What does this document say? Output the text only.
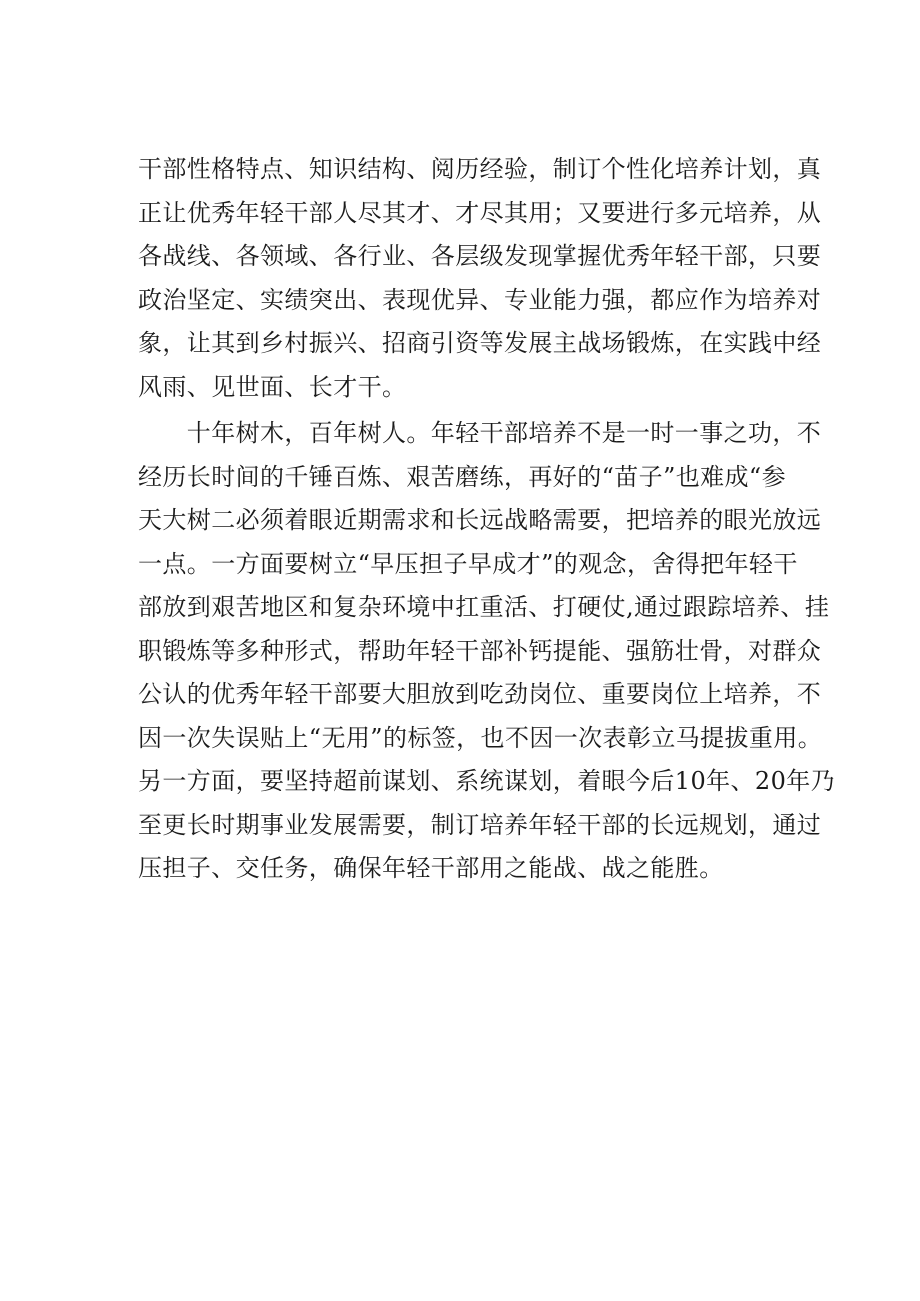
干部性格特点、知识结构、阅历经验，制订个性化培养计划，真
正让优秀年轻干部人尽其才、才尽其用；又要进行多元培养，从
各战线、各领域、各行业、各层级发现掌握优秀年轻干部，只要
政治坚定、实绩突出、表现优异、专业能力强，都应作为培养对
象，让其到乡村振兴、招商引资等发展主战场锻炼，在实践中经
风雨、见世面、长才干。
　　十年树木，百年树人。年轻干部培养不是一时一事之功，不
经历长时间的千锤百炼、艰苦磨练，再好的“苗子”也难成“参
天大树二必须着眼近期需求和长远战略需要，把培养的眼光放远
一点。一方面要树立“早压担子早成才”的观念，舍得把年轻干
部放到艰苦地区和复杂环境中扛重活、打硬仗,通过跟踪培养、挂
职锻炼等多种形式，帮助年轻干部补钙提能、强筋壮骨，对群众
公认的优秀年轻干部要大胆放到吃劲岗位、重要岗位上培养，不
因一次失误贴上“无用”的标签，也不因一次表彰立马提拔重用。
另一方面，要坚持超前谋划、系统谋划，着眼今后10年、20年乃
至更长时期事业发展需要，制订培养年轻干部的长远规划，通过
压担子、交任务，确保年轻干部用之能战、战之能胜。
